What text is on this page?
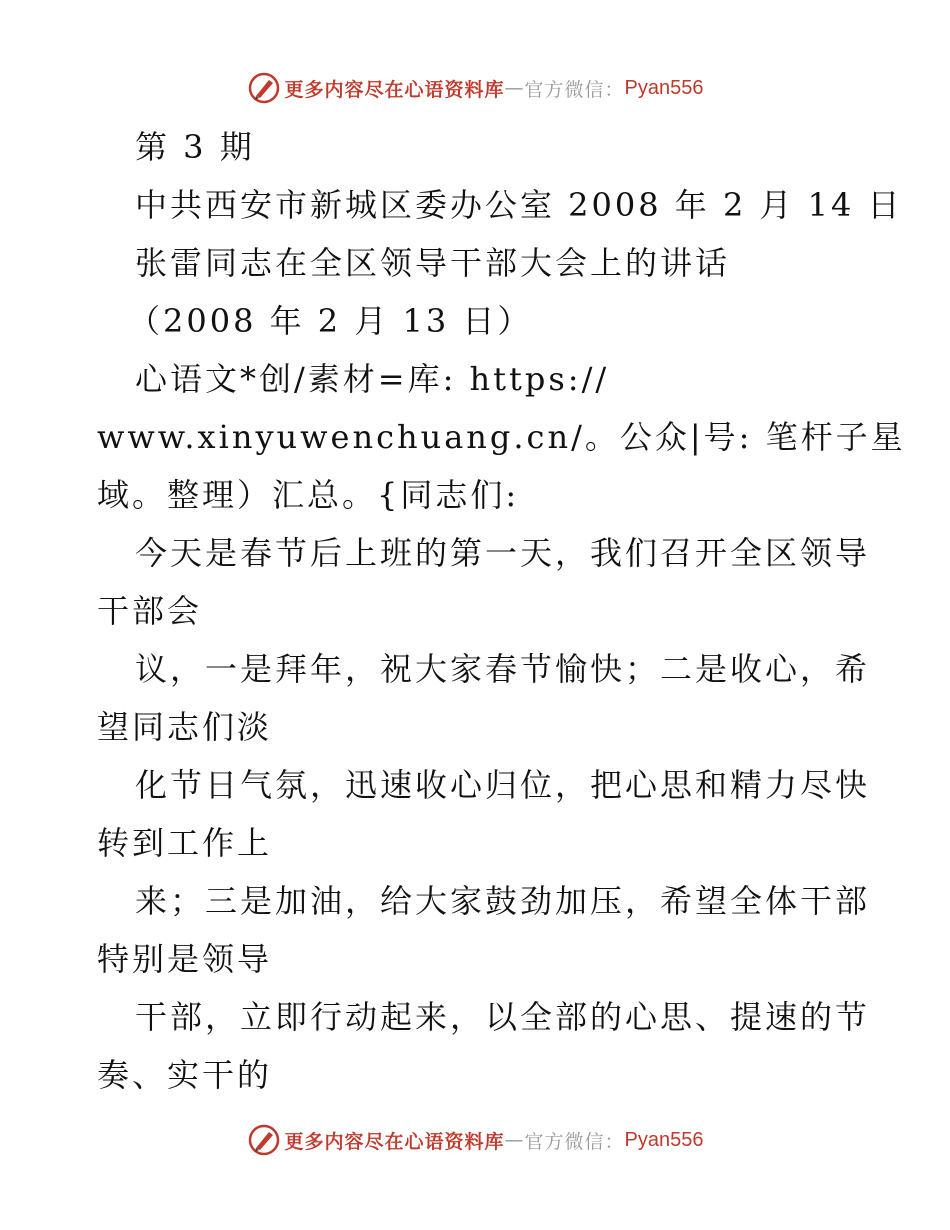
更多内容尽在心语资料库 — 官方微信： Pyan556
第 3 期
中共西安市新城区委办公室 2008 年 2 月 14 日
张雷同志在全区领导干部大会上的讲话
（2008 年 2 月 13 日）
心语文*创/素材=库: https://
www.xinyuwenchuang.cn/。公众|号: 笔杆子星
域。整理）汇总。{同志们:
今天是春节后上班的第一天，我们召开全区领导
干部会
议，一是拜年，祝大家春节愉快；二是收心，希
望同志们淡
化节日气氛，迅速收心归位，把心思和精力尽快
转到工作上
来；三是加油，给大家鼓劲加压，希望全体干部
特别是领导
干部，立即行动起来，以全部的心思、提速的节
奏、实干的
更多内容尽在心语资料库 — 官方微信： Pyan556
